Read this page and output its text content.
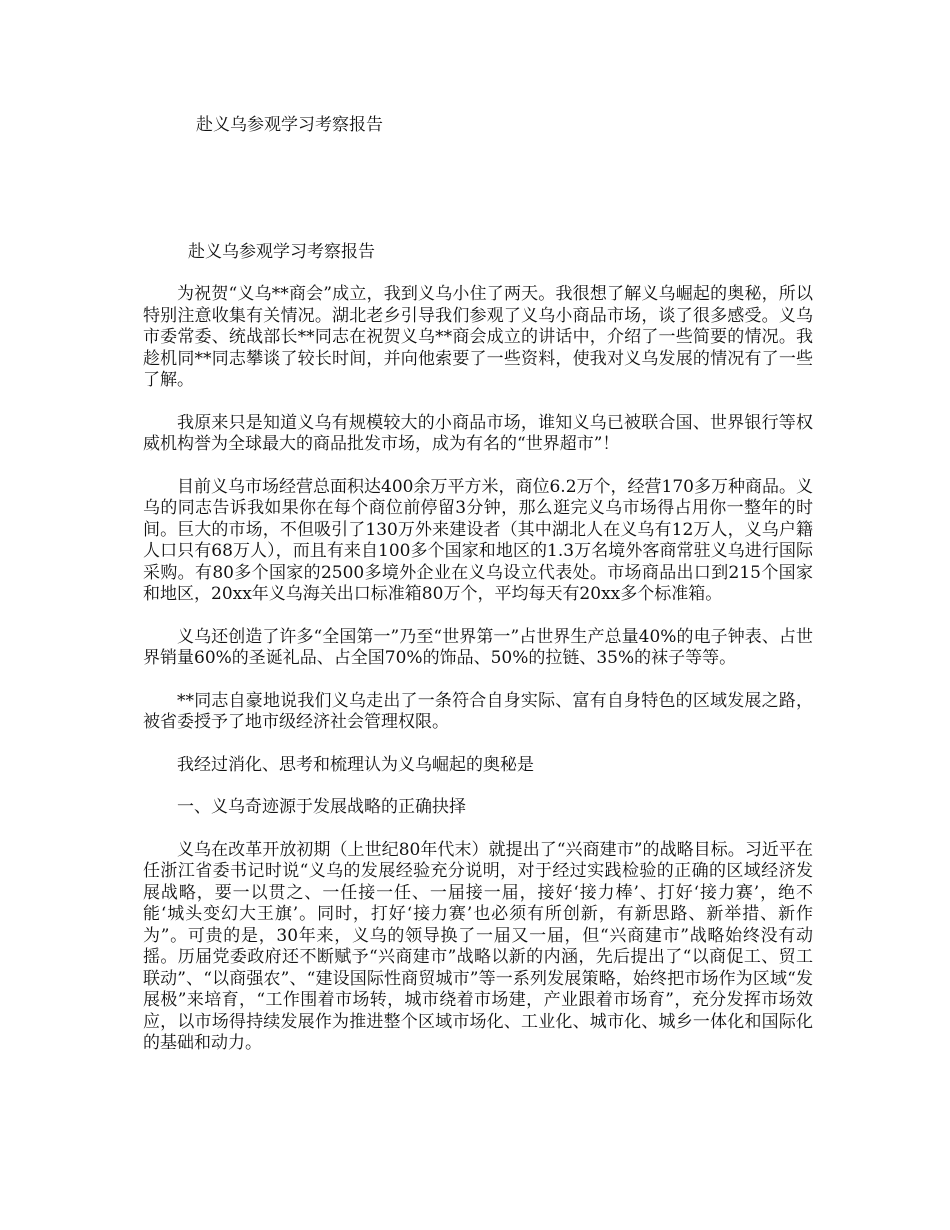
赴义乌参观学习考察报告
赴义乌参观学习考察报告

为祝贺“义乌**商会”成立，我到义乌小住了两天。我很想了解义乌崛起的奥秘，所以特别注意收集有关情况。湖北老乡引导我们参观了义乌小商品市场，谈了很多感受。义乌市委常委、统战部长**同志在祝贺义乌**商会成立的讲话中，介绍了一些简要的情况。我趁机同**同志攀谈了较长时间，并向他索要了一些资料，使我对义乌发展的情况有了一些了解。

我原来只是知道义乌有规模较大的小商品市场，谁知义乌已被联合国、世界银行等权威机构誉为全球最大的商品批发市场，成为有名的“世界超市”！

目前义乌市场经营总面积达400余万平方米，商位6.2万个，经营170多万种商品。义乌的同志告诉我如果你在每个商位前停留3分钟，那么逛完义乌市场得占用你一整年的时间。巨大的市场，不但吸引了130万外来建设者（其中湖北人在义乌有12万人，义乌户籍人口只有68万人），而且有来自100多个国家和地区的1.3万名境外客商常驻义乌进行国际采购。有80多个国家的2500多境外企业在义乌设立代表处。市场商品出口到215个国家和地区，20xx年义乌海关出口标准箱80万个，平均每天有20xx多个标准箱。

义乌还创造了许多“全国第一”乃至“世界第一”占世界生产总量40%的电子钟表、占世界销量60%的圣诞礼品、占全国70%的饰品、50%的拉链、35%的袜子等等。

**同志自豪地说我们义乌走出了一条符合自身实际、富有自身特色的区域发展之路，被省委授予了地市级经济社会管理权限。

我经过消化、思考和梳理认为义乌崛起的奥秘是

一、义乌奇迹源于发展战略的正确抉择

义乌在改革开放初期（上世纪80年代末）就提出了“兴商建市”的战略目标。习近平在任浙江省委书记时说“义乌的发展经验充分说明，对于经过实践检验的正确的区域经济发展战略，要一以贯之、一任接一任、一届接一届，接好‘接力棒’、打好‘接力赛’，绝不能‘城头变幻大王旗’。同时，打好‘接力赛’也必须有所创新，有新思路、新举措、新作为”。可贵的是，30年来，义乌的领导换了一届又一届，但“兴商建市”战略始终没有动摇。历届党委政府还不断赋予“兴商建市”战略以新的内涵，先后提出了“以商促工、贸工联动”、“以商强农”、“建设国际性商贸城市”等一系列发展策略，始终把市场作为区域“发展极”来培育，“工作围着市场转，城市绕着市场建，产业跟着市场育”，充分发挥市场效应，以市场得持续发展作为推进整个区域市场化、工业化、城市化、城乡一体化和国际化的基础和动力。
